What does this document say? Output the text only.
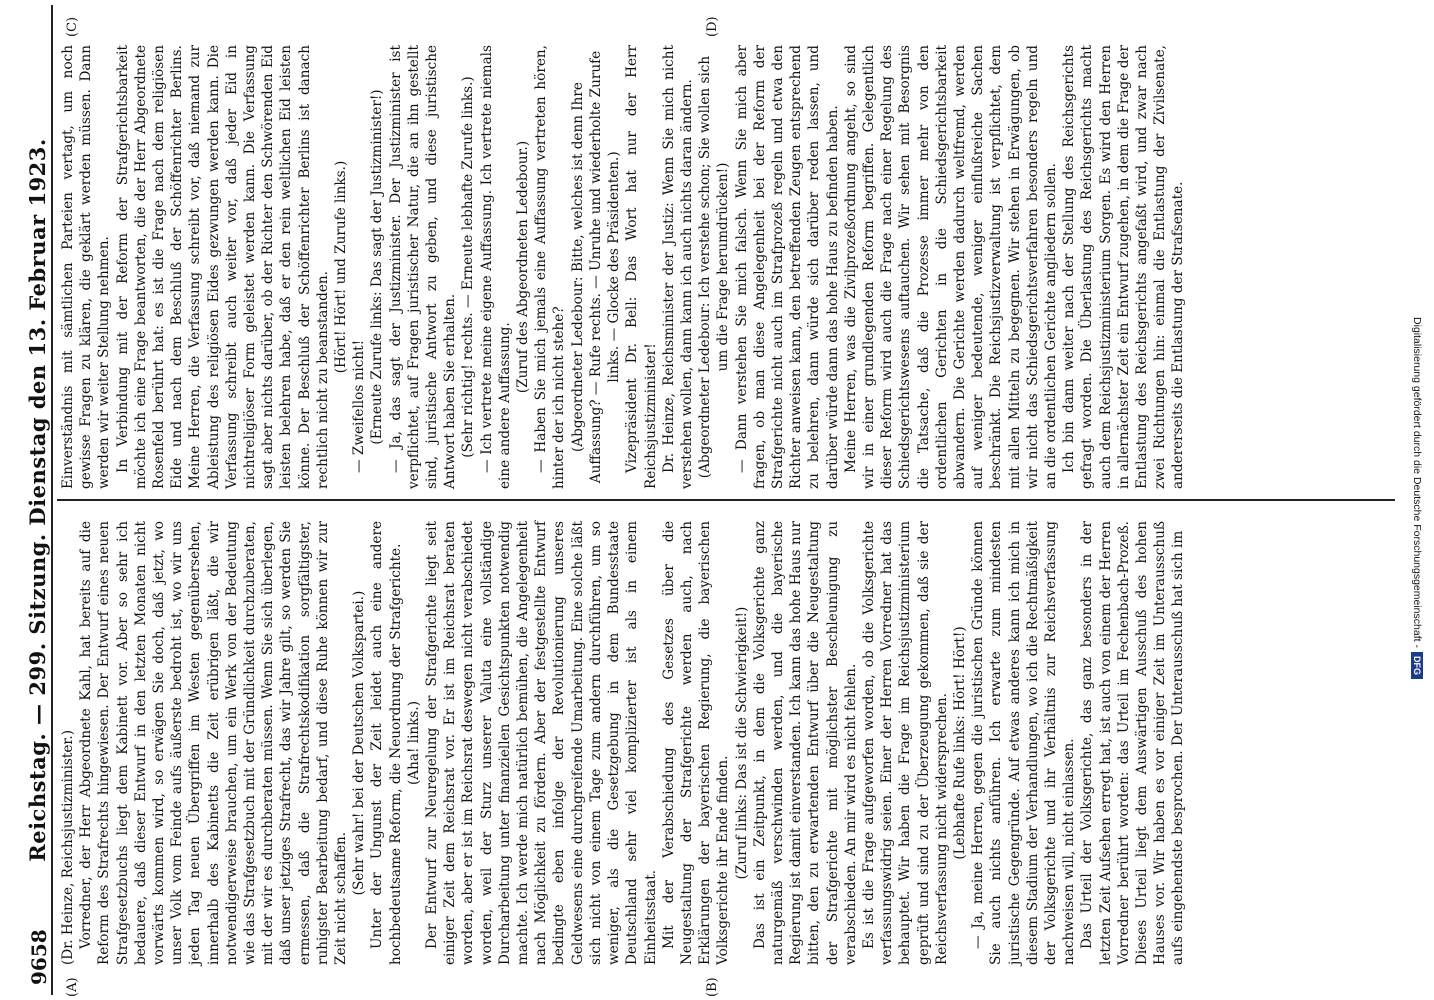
9658
Reichstag. — 299. Sitzung. Dienstag den 13. Februar 1923.
(A)	(B)
(C)	(D)

(Dr. Heinze, Reichsjustizminister.) Vorredner, der Herr Abgeordnete Kahl, hat bereits auf die Reform des Strafrechts hingewiesen. Der Entwurf eines neuen Strafgesetzbuchs liegt dem Kabinett vor. Aber so sehr ich bedauere, daß dieser Entwurf in den letzten Monaten nicht vorwärts kommen wird, so erwägen Sie doch, daß jetzt, wo unser Volk vom Feinde aufs äußerste bedroht ist, wo wir uns jeden Tag neuen Übergriffen im Westen gegenübersehen, innerhalb des Kabinetts die Zeit erübrigen läßt, die wir notwendigerweise brauchen, um ein Werk von der Bedeutung wie das Strafgesetzbuch mit der Gründlichkeit durchzuberaten, mit der wir es durchberaten müssen. Wenn Sie sich überlegen, daß unser jetziges Strafrecht, das wir Jahre gilt, so werden Sie ermessen, daß die Strafrechtskodifikation sorgfältigster, ruhigster Bearbeitung bedarf, und diese Ruhe können wir zur Zeit nicht schaffen.

(Sehr wahr! bei der Deutschen Volkspartei.) Unter der Ungunst der Zeit leidet auch eine andere hochbedeutsame Reform, die Neuordnung der Strafgerichte. (Aha! links.) Der Entwurf zur Neuregelung der Strafgerichte liegt seit einiger Zeit dem Reichsrat vor. Er ist im Reichsrat beraten worden, aber er ist im Reichsrat deswegen nicht verabschiedet worden, weil der Sturz unserer Valuta eine vollständige Durcharbeitung unter finanziellen Gesichtspunkten notwendig machte. Ich werde mich natürlich bemühen, die Angelegenheit nach Möglichkeit zu fördern. Aber der festgestellte Entwurf bedingte eben infolge der Revolutionierung unseres Geldwesens eine durchgreifende Umarbeitung. Eine solche läßt sich nicht von einem Tage zum andern durchführen, um so weniger, als die Gesetzgebung in dem Bundesstaate Deutschland sehr viel komplizierter ist als in einem Einheitsstaat. Mit der Verabschiedung des Gesetzes über die Neugestaltung der Strafgerichte werden auch, nach Erklärungen der bayerischen Regierung, die bayerischen Volksgerichte ihr Ende finden. (Zuruf links: Das ist die Schwierigkeit!) Das ist ein Zeitpunkt, in dem die Volksgerichte ganz naturgemäß verschwinden werden, und die bayerische Regierung ist damit einverstanden. Ich kann das hohe Haus nur bitten, den zu erwartenden Entwurf über die Neugestaltung der Strafgerichte mit möglichster Beschleunigung zu verabschieden. An mir wird es nicht fehlen. Es ist die Frage aufgeworfen worden, ob die Volksgerichte verfassungswidrig seien. Einer der Herren Vorredner hat das behauptet. Wir haben die Frage im Reichsjustizministerium geprüft und sind zu der Überzeugung gekommen, daß sie der Reichsverfassung nicht widersprechen. (Lebhafte Rufe links: Hört! Hört!) — Ja, meine Herren, gegen die juristischen Gründe können Sie auch nichts anführen. Ich erwarte zum mindesten juristische Gegengründe. Auf etwas anderes kann ich mich in diesem Stadium der Verhandlungen, wo ich die Rechtmäßigkeit der Volksgerichte und ihr Verhältnis zur Reichsverfassung nachweisen will, nicht einlassen. Das Urteil der Volksgerichte, das ganz besonders in der letzten Zeit Aufsehen erregt hat, ist auch von einem der Herren Vorredner berührt worden: das Urteil im Fechenbach-Prozeß. Dieses Urteil liegt dem Auswärtigen Ausschuß des hohen Hauses vor. Wir haben es vor einiger Zeit im Unterausschuß aufs eingehendste besprochen. Der Unterausschuß hat sich im

Einverständnis mit sämtlichen Parteien vertagt, um noch gewisse Fragen zu klären, die geklärt werden müssen. Dann werden wir weiter Stellung nehmen. In Verbindung mit der Reform der Strafgerichtsbarkeit möchte ich eine Frage beantworten, die der Herr Abgeordnete Rosenfeld berührt hat: es ist die Frage nach dem religiösen Eide und nach dem Beschluß der Schöffenrichter Berlins. Meine Herren, die Verfassung schreibt vor, daß niemand zur Ableistung des religiösen Eides gezwungen werden kann. Die Verfassung schreibt auch weiter vor, daß jeder Eid in nichtreligiöser Form geleistet werden kann. Die Verfassung sagt aber nichts darüber, ob der Richter den Schwörenden Eid leisten belehren habe, daß er den rein weltlichen Eid leisten könne. Der Beschluß der Schöffenrichter Berlins ist danach rechtlich nicht zu beanstanden.

(Hört! Hört! und Zurufe links.)

— Zweifellos nicht! (Erneute Zurufe links: Das sagt der Justizminister!) — Ja, das sagt der Justizminister. Der Justizminister ist verpflichtet, auf Fragen juristischer Natur, die an ihn gestellt sind, juristische Antwort zu geben, und diese juristische Antwort haben Sie erhalten. (Sehr richtig! rechts. — Erneute lebhafte Zurufe links.) — Ich vertrete meine eigene Auffassung. Ich vertrete niemals eine andere Auffassung.

(Zuruf des Abgeordneten Ledebour.) — Haben Sie mich jemals eine Auffassung vertreten hören, hinter der ich nicht stehe? (Abgeordneter Ledebour: Bitte, welches ist denn Ihre Auffassung? — Rufe rechts. — Unruhe und wiederholte Zurufe links. — Glocke des Präsidenten.) Vizepräsident Dr. Bell: Das Wort hat nur der Herr Reichsjustizminister! Dr. Heinze, Reichsminister der Justiz: Wenn Sie mich nicht verstehen wollen, dann kann ich auch nichts daran ändern. (Abgeordneter Ledebour: Ich verstehe schon; Sie wollen sich um die Frage herumdrücken!) — Dann verstehen Sie mich falsch. Wenn Sie mich aber fragen, ob man diese Angelegenheit bei der Reform der Strafgerichte nicht auch im Strafprozeß regeln und etwa den Richter anweisen kann, den betreffenden Zeugen entsprechend zu belehren, dann würde sich darüber reden lassen, und darüber würde dann das hohe Haus zu befinden haben. Meine Herren, was die Zivilprozeßordnung angeht, so sind wir in einer grundlegenden Reform begriffen. Gelegentlich dieser Reform wird auch die Frage nach einer Regelung des Schiedsgerichtswesens auftauchen. Wir sehen mit Besorgnis die Tatsache, daß die Prozesse immer mehr von den ordentlichen Gerichten in die Schiedsgerichtsbarkeit abwandern. Die Gerichte werden dadurch weltfremd, werden auf weniger bedeutende, weniger einflußreiche Sachen beschränkt. Die Reichsjustizverwaltung ist verpflichtet, dem mit allen Mitteln zu begegnen. Wir stehen in Erwägungen, ob wir nicht das Schiedsgerichtsverfahren besonders regeln und an die ordentlichen Gerichte angliedern sollen. Ich bin dann weiter nach der Stellung des Reichsgerichts gefragt worden. Die Überlastung des Reichsgerichts macht auch dem Reichsjustizministerium Sorgen. Es wird den Herren in allernächster Zeit ein Entwurf zugehen, in dem die Frage der Entlastung des Reichsgerichts angefaßt wird, und zwar nach zwei Richtungen hin: einmal die Entlastung der Zivilsenate, andererseits die Entlastung der Strafsenate.	Digitalisierung gefördert durch die Deutsche Forschungsgemeinschaft -DFG
